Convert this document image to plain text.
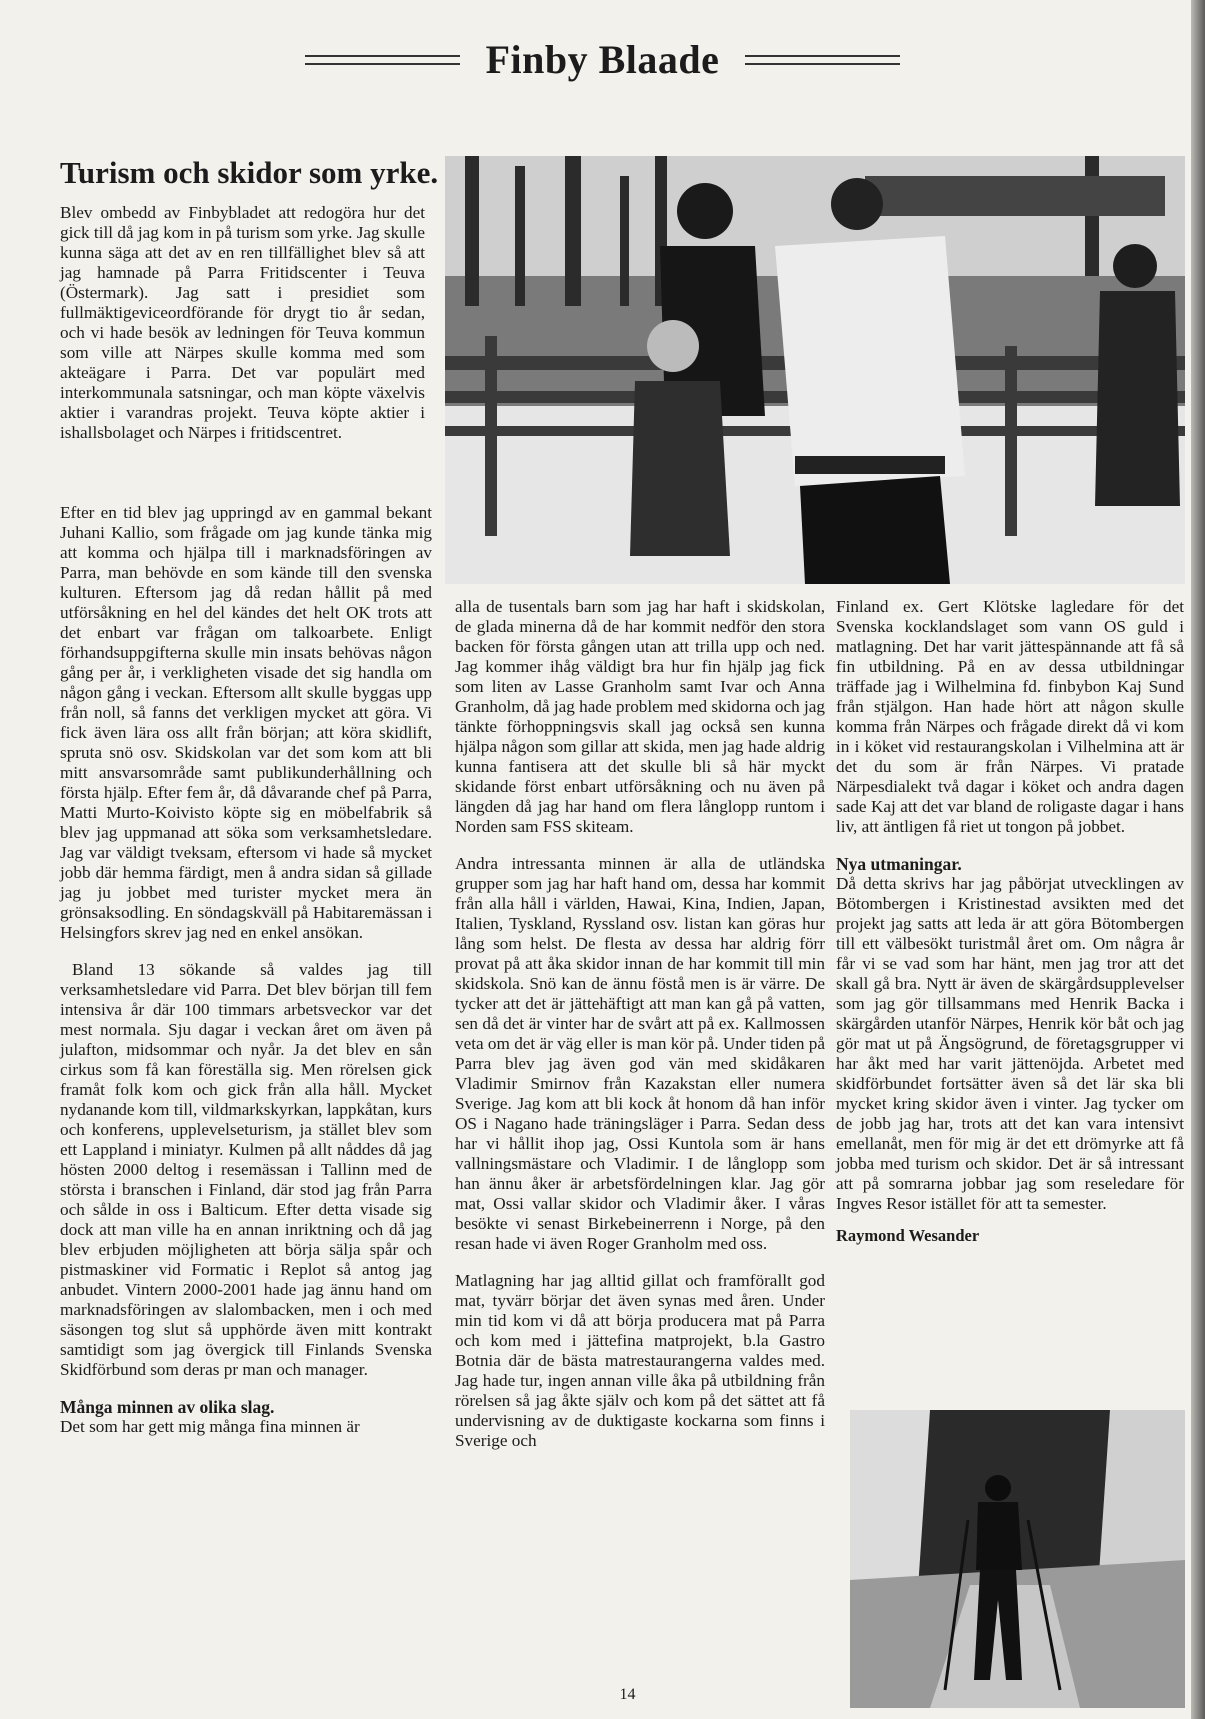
Finby Blaade
Turism och skidor som yrke.

Blev ombedd av Finbybladet att redogöra hur det gick till då jag kom in på turism som yrke. Jag skulle kunna säga att det av en ren tillfällighet blev så att jag hamnade på Parra Fritidscenter i Teuva (Östermark). Jag satt i presidiet som fullmäktigeviceordförande för drygt tio år sedan, och vi hade besök av ledningen för Teuva kommun som ville att Närpes skulle komma med som akteägare i Parra. Det var populärt med interkommunala satsningar, och man köpte växelvis aktier i varandras projekt. Teuva köpte aktier i ishallsbolaget och Närpes i fritidscentret.

Efter en tid blev jag uppringd av en gammal bekant Juhani Kallio, som frågade om jag kunde tänka mig att komma och hjälpa till i marknadsföringen av Parra, man behövde en som kände till den svenska kulturen. Eftersom jag då redan hållit på med utförsåkning en hel del kändes det helt OK trots att det enbart var frågan om talkoarbete. Enligt förhandsuppgifterna skulle min insats behövas någon gång per år, i verkligheten visade det sig handla om någon gång i veckan. Eftersom allt skulle byggas upp från noll, så fanns det verkligen mycket att göra. Vi fick även lära oss allt från början; att köra skidlift, spruta snö osv. Skidskolan var det som kom att bli mitt ansvarsområde samt publikunderhållning och första hjälp. Efter fem år, då dåvarande chef på Parra, Matti Murto-Koivisto köpte sig en möbelfabrik så blev jag uppmanad att söka som verksamhetsledare. Jag var väldigt tveksam, eftersom vi hade så mycket jobb där hemma färdigt, men å andra sidan så gillade jag ju jobbet med turister mycket mera än grönsaksodling. En söndagskväll på Habitaremässan i Helsingfors skrev jag ned en enkel ansökan.

Bland 13 sökande så valdes jag till verksamhetsledare vid Parra. Det blev början till fem intensiva år där 100 timmars arbetsveckor var det mest normala. Sju dagar i veckan året om även på julafton, midsommar och nyår. Ja det blev en sån cirkus som få kan föreställa sig. Men rörelsen gick framåt folk kom och gick från alla håll. Mycket nydanande kom till, vildmarkskyrkan, lappkåtan, kurs och konferens, upplevelseturism, ja stället blev som ett Lappland i miniatyr. Kulmen på allt nåddes då jag hösten 2000 deltog i resemässan i Tallinn med de största i branschen i Finland, där stod jag från Parra och sålde in oss i Balticum. Efter detta visade sig dock att man ville ha en annan inriktning och då jag blev erbjuden möjligheten att börja sälja spår och pistmaskiner vid Formatic i Replot så antog jag anbudet. Vintern 2000-2001 hade jag ännu hand om marknadsföringen av slalombacken, men i och med säsongen tog slut så upphörde även mitt kontrakt samtidigt som jag övergick till Finlands Svenska Skidförbund som deras pr man och manager.

Många minnen av olika slag.
Det som har gett mig många fina minnen är

alla de tusentals barn som jag har haft i skidskolan, de glada minerna då de har kommit nedför den stora backen för första gången utan att trilla upp och ned. Jag kommer ihåg väldigt bra hur fin hjälp jag fick som liten av Lasse Granholm samt Ivar och Anna Granholm, då jag hade problem med skidorna och jag tänkte förhoppningsvis skall jag också sen kunna hjälpa någon som gillar att skida, men jag hade aldrig kunna fantisera att det skulle bli så här myckt skidande först enbart utförsåkning och nu även på längden då jag har hand om flera långlopp runtom i Norden sam FSS skiteam.

Andra intressanta minnen är alla de utländska grupper som jag har haft hand om, dessa har kommit från alla håll i världen, Hawai, Kina, Indien, Japan, Italien, Tyskland, Ryssland osv. listan kan göras hur lång som helst. De flesta av dessa har aldrig förr provat på att åka skidor innan de har kommit till min skidskola. Snö kan de ännu föstå men is är värre. De tycker att det är jättehäftigt att man kan gå på vatten, sen då det är vinter har de svårt att på ex. Kallmossen veta om det är väg eller is man kör på. Under tiden på Parra blev jag även god vän med skidåkaren Vladimir Smirnov från Kazakstan eller numera Sverige. Jag kom att bli kock åt honom då han inför OS i Nagano hade träningsläger i Parra. Sedan dess har vi hållit ihop jag, Ossi Kuntola som är hans vallningsmästare och Vladimir. I de långlopp som han ännu åker är arbetsfördelningen klar. Jag gör mat, Ossi vallar skidor och Vladimir åker. I våras besökte vi senast Birkebeinerrenn i Norge, på den resan hade vi även Roger Granholm med oss.

Matlagning har jag alltid gillat och framförallt god mat, tyvärr börjar det även synas med åren. Under min tid kom vi då att börja producera mat på Parra och kom med i jättefina matprojekt, b.la Gastro Botnia där de bästa matrestaurangerna valdes med. Jag hade tur, ingen annan ville åka på utbildning från rörelsen så jag åkte själv och kom på det sättet att få undervisning av de duktigaste kockarna som finns i Sverige och

Finland ex. Gert Klötske lagledare för det Svenska kocklandslaget som vann OS guld i matlagning. Det har varit jättespännande att få så fin utbildning. På en av dessa utbildningar träffade jag i Wilhelmina fd. finbybon Kaj Sund från stjälgon. Han hade hört att någon skulle komma från Närpes och frågade direkt då vi kom in i köket vid restaurangskolan i Vilhelmina att är det du som är från Närpes. Vi pratade Närpesdialekt två dagar i köket och andra dagen sade Kaj att det var bland de roligaste dagar i hans liv, att äntligen få riet ut tongon på jobbet.

Nya utmaningar.
Då detta skrivs har jag påbörjat utvecklingen av Bötombergen i Kristinestad avsikten med det projekt jag satts att leda är att göra Bötombergen till ett välbesökt turistmål året om. Om några år får vi se vad som har hänt, men jag tror att det skall gå bra. Nytt är även de skärgårdsupplevelser som jag gör tillsammans med Henrik Backa i skärgården utanför Närpes, Henrik kör båt och jag gör mat ut på Ängsögrund, de företagsgrupper vi har åkt med har varit jättenöjda. Arbetet med skidförbundet fortsätter även så det lär ska bli mycket kring skidor även i vinter. Jag tycker om de jobb jag har, trots att det kan vara intensivt emellanåt, men för mig är det ett drömyrke att få jobba med turism och skidor. Det är så intressant att på somrarna jobbar jag som reseledare för Ingves Resor istället för att ta semester.
Raymond Wesander
14
